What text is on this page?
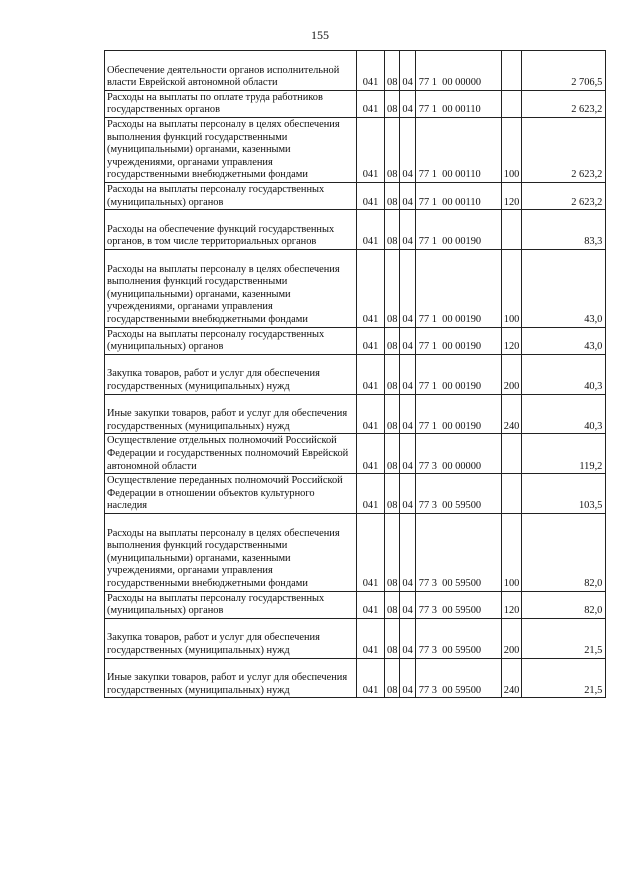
155
Обеспечение деятельности органов исполнительной власти Еврейской автономной области	041	08	04	77 1  00 00000		2 706,5
Расходы на выплаты по оплате труда работников государственных органов	041	08	04	77 1  00 00110		2 623,2
Расходы на выплаты персоналу в целях обеспечения выполнения функций государственными (муниципальными) органами, казенными учреждениями, органами управления государственными внебюджетными фондами	041	08	04	77 1  00 00110	100	2 623,2
Расходы на выплаты персоналу государственных (муниципальных) органов	041	08	04	77 1  00 00110	120	2 623,2
Расходы на обеспечение функций государственных органов, в том числе территориальных органов	041	08	04	77 1  00 00190		83,3
Расходы на выплаты персоналу в целях обеспечения выполнения функций государственными (муниципальными) органами, казенными учреждениями, органами управления государственными внебюджетными фондами	041	08	04	77 1  00 00190	100	43,0
Расходы на выплаты персоналу государственных (муниципальных) органов	041	08	04	77 1  00 00190	120	43,0
Закупка товаров, работ и услуг для обеспечения государственных (муниципальных) нужд	041	08	04	77 1  00 00190	200	40,3
Иные закупки товаров, работ и услуг для обеспечения государственных (муниципальных) нужд	041	08	04	77 1  00 00190	240	40,3
Осуществление отдельных полномочий Российской Федерации и государственных полномочий Еврейской автономной области	041	08	04	77 3  00 00000		119,2
Осуществление переданных полномочий Российской Федерации в отношении объектов культурного наследия	041	08	04	77 3  00 59500		103,5
Расходы на выплаты персоналу в целях обеспечения выполнения функций государственными (муниципальными) органами, казенными учреждениями, органами управления государственными внебюджетными фондами	041	08	04	77 3  00 59500	100	82,0
Расходы на выплаты персоналу государственных (муниципальных) органов	041	08	04	77 3  00 59500	120	82,0
Закупка товаров, работ и услуг для обеспечения государственных (муниципальных) нужд	041	08	04	77 3  00 59500	200	21,5
Иные закупки товаров, работ и услуг для обеспечения государственных (муниципальных) нужд	041	08	04	77 3  00 59500	240	21,5
